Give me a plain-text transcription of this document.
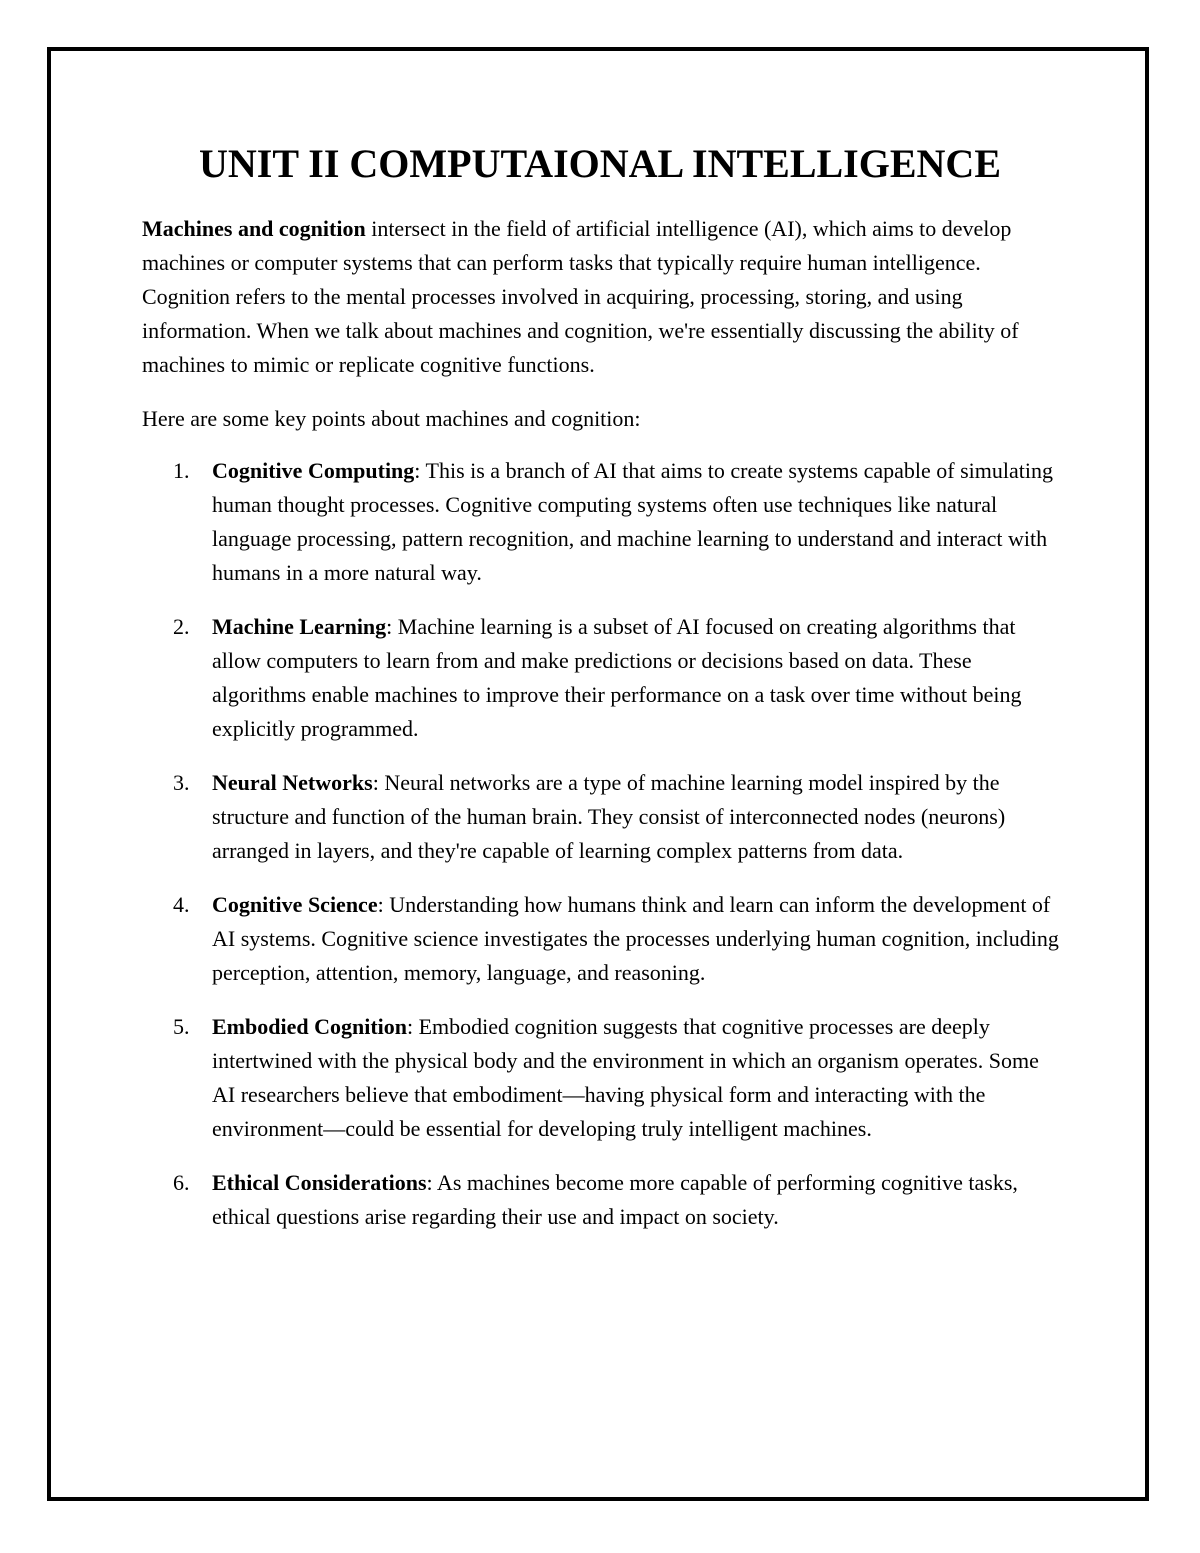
UNIT II COMPUTAIONAL INTELLIGENCE

Machines and cognition intersect in the field of artificial intelligence (AI), which aims to develop machines or computer systems that can perform tasks that typically require human intelligence. Cognition refers to the mental processes involved in acquiring, processing, storing, and using information. When we talk about machines and cognition, we're essentially discussing the ability of machines to mimic or replicate cognitive functions.

Here are some key points about machines and cognition:

1. Cognitive Computing: This is a branch of AI that aims to create systems capable of simulating human thought processes. Cognitive computing systems often use techniques like natural language processing, pattern recognition, and machine learning to understand and interact with humans in a more natural way.
2. Machine Learning: Machine learning is a subset of AI focused on creating algorithms that allow computers to learn from and make predictions or decisions based on data. These algorithms enable machines to improve their performance on a task over time without being explicitly programmed.
3. Neural Networks: Neural networks are a type of machine learning model inspired by the structure and function of the human brain. They consist of interconnected nodes (neurons) arranged in layers, and they're capable of learning complex patterns from data.
4. Cognitive Science: Understanding how humans think and learn can inform the development of AI systems. Cognitive science investigates the processes underlying human cognition, including perception, attention, memory, language, and reasoning.
5. Embodied Cognition: Embodied cognition suggests that cognitive processes are deeply intertwined with the physical body and the environment in which an organism operates. Some AI researchers believe that embodiment—having physical form and interacting with the environment—could be essential for developing truly intelligent machines.
6. Ethical Considerations: As machines become more capable of performing cognitive tasks, ethical questions arise regarding their use and impact on society.
